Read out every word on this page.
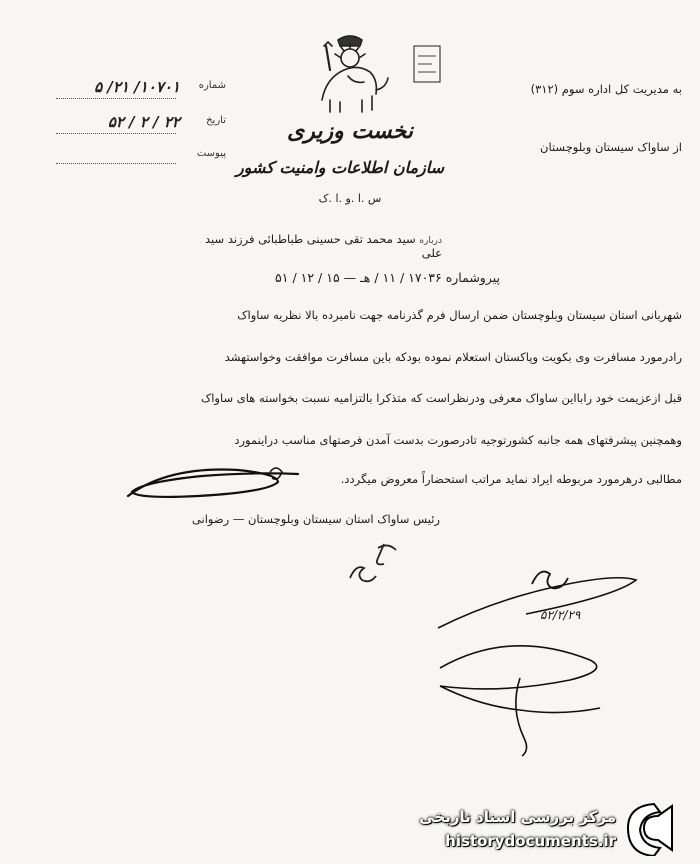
به مدیریت کل اداره سوم (۳۱۲)
از ساواک سیستان وبلوچستان
نخست وزیری
سازمان اطلاعات وامنیت کشور
س .ا .و .ا .ک
شماره
۱۰۷۰۱/ ۲۱/ ۵
تاریخ
۲۲ / ۲ / ۵۲
پیوست
درباره سید محمد تقی حسینی طباطبائی فرزند سید علی
پیروشماره ۱۷۰۳۶ / ۱۱ / هـ — ۱۵ / ۱۲ / ۵۱
شهربانی استان سیستان وبلوچستان ضمن ارسال فرم گذرنامه جهت نامبرده بالا نظریه ساواک
رادرمورد مسافرت وی بکویت وپاکستان استعلام نموده بودکه باین مسافرت موافقت وخواستهشد
قبل ازعزیمت خود رابااین ساواک معرفی ودرنظراست که متذکرا بالتزامیه نسبت بخواسته های ساواک
وهمچنین پیشرفتهای همه جانبه کشورتوجیه تادرصورت بدست آمدن فرصتهای مناسب دراینمورد
مطالبی درهرمورد مربوطه ایراد نماید مراتب استحضاراً معروض میگردد.
رئیس ساواک استان سیستان وبلوچستان — رضوانی
۵۲/۲/۲۹
مرکز بررسی اسناد تاریخی
historydocuments.ir
